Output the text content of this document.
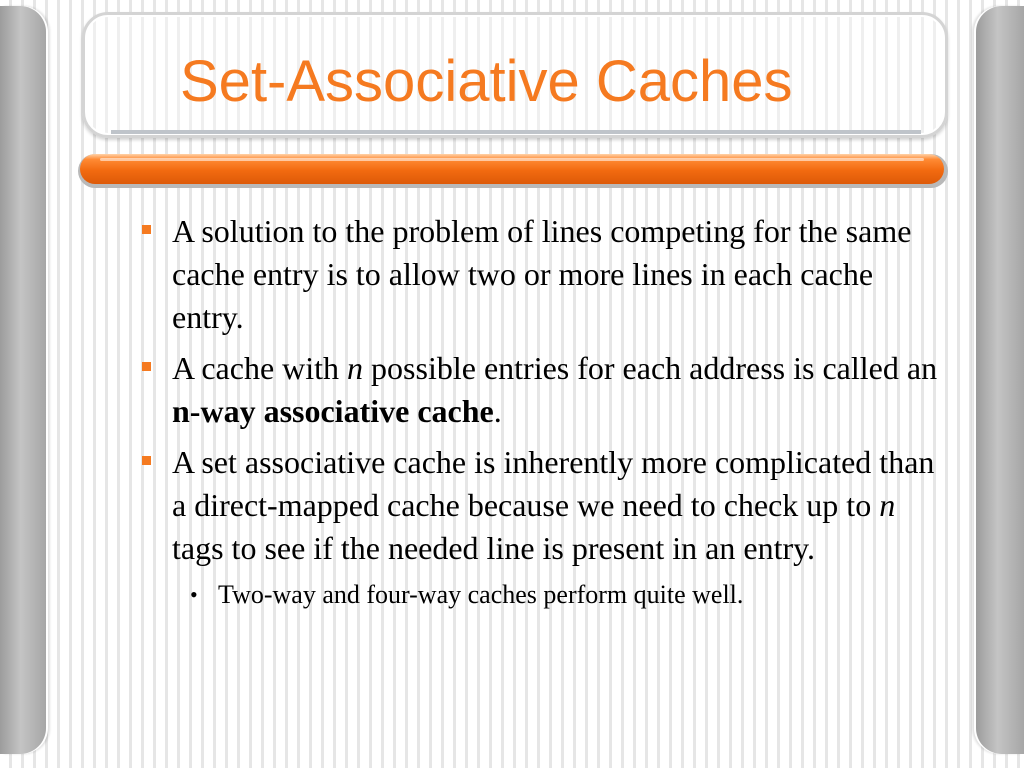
Set-Associative Caches
A solution to the problem of lines competing for the same cache entry is to allow two or more lines in each cache entry.
A cache with n possible entries for each address is called an n-way associative cache.
A set associative cache is inherently more complicated than a direct-mapped cache because we need to check up to n tags to see if the needed line is present in an entry.
• Two-way and four-way caches perform quite well.
